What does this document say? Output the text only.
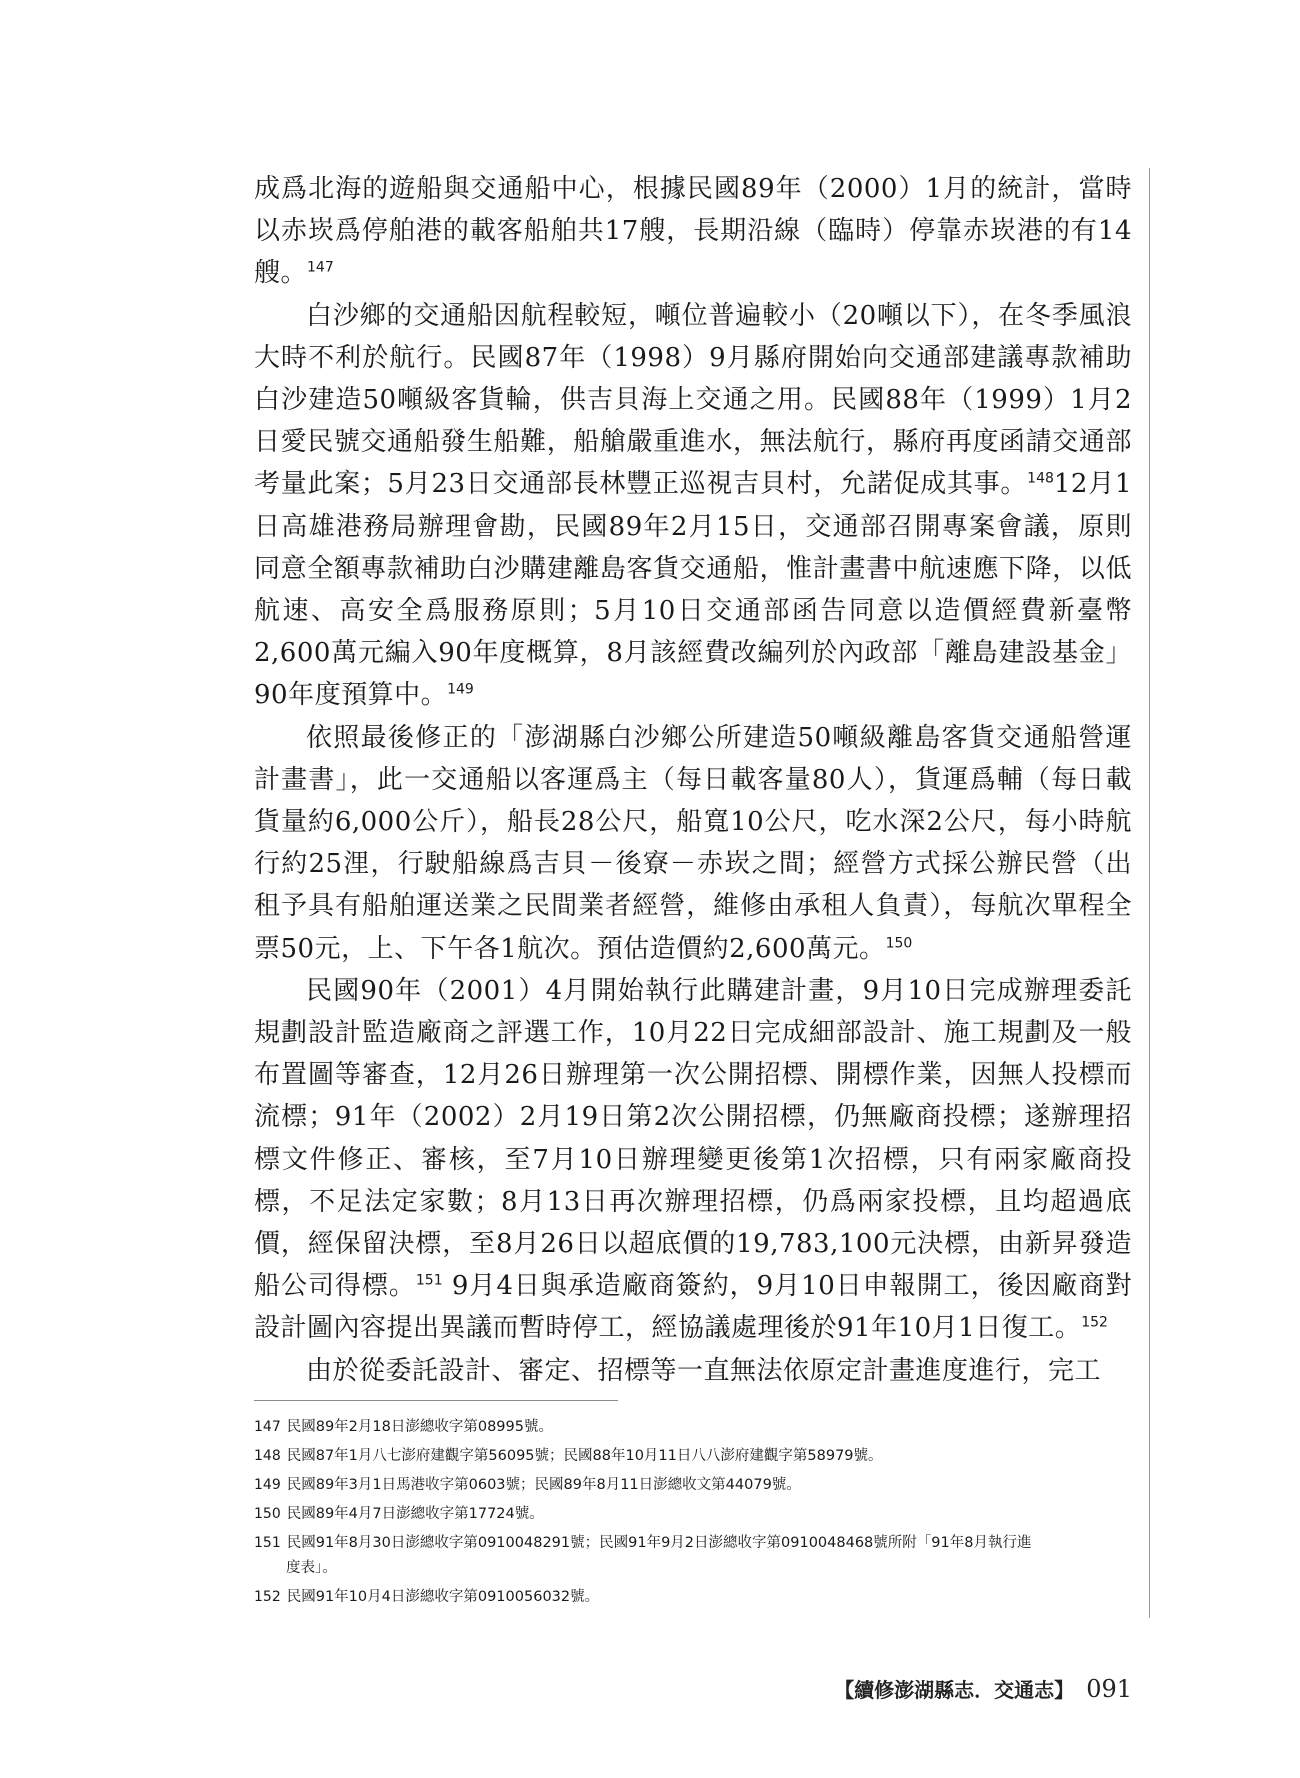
成爲北海的遊船與交通船中心，根據民國89年（2000）1月的統計，當時以赤崁爲停舶港的載客船舶共17艘，長期沿線（臨時）停靠赤崁港的有14艘。$^{147}$

白沙鄉的交通船因航程較短，噸位普遍較小（20噸以下），在冬季風浪大時不利於航行。民國87年（1998）9月縣府開始向交通部建議專款補助白沙建造50噸級客貨輪，供吉貝海上交通之用。民國88年（1999）1月2日愛民號交通船發生船難，船艙嚴重進水，無法航行，縣府再度函請交通部考量此案；5月23日交通部長林豐正巡視吉貝村，允諾促成其事。$^{148}$12月1日高雄港務局辦理會勘，民國89年2月15日，交通部召開專案會議，原則同意全額專款補助白沙購建離島客貨交通船，惟計畫書中航速應下降，以低航速、高安全爲服務原則；5月10日交通部函告同意以造價經費新臺幣2,600萬元編入90年度概算，8月該經費改編列於內政部「離島建設基金」90年度預算中。$^{149}$

依照最後修正的「澎湖縣白沙鄉公所建造50噸級離島客貨交通船營運計畫書」，此一交通船以客運爲主（每日載客量80人），貨運爲輔（每日載貨量約6,000公斤），船長28公尺，船寬10公尺，吃水深2公尺，每小時航行約25浬，行駛船線爲吉貝－後寮－赤崁之間；經營方式採公辦民營（出租予具有船舶運送業之民間業者經營，維修由承租人負責），每航次單程全票50元，上、下午各1航次。預估造價約2,600萬元。$^{150}$

民國90年（2001）4月開始執行此購建計畫，9月10日完成辦理委託規劃設計監造廠商之評選工作，10月22日完成細部設計、施工規劃及一般布置圖等審查，12月26日辦理第一次公開招標、開標作業，因無人投標而流標；91年（2002）2月19日第2次公開招標，仍無廠商投標；遂辦理招標文件修正、審核，至7月10日辦理變更後第1次招標，只有兩家廠商投標，不足法定家數；8月13日再次辦理招標，仍爲兩家投標，且均超過底價，經保留決標，至8月26日以超底價的19,783,100元決標，由新昇發造船公司得標。$^{151}$ 9月4日與承造廠商簽約，9月10日申報開工，後因廠商對設計圖內容提出異議而暫時停工，經協議處理後於91年10月1日復工。$^{152}$

由於從委託設計、審定、招標等一直無法依原定計畫進度進行，完工

147 民國89年2月18日澎總收字第08995號。
148 民國87年1月八七澎府建觀字第56095號；民國88年10月11日八八澎府建觀字第58979號。
149 民國89年3月1日馬港收字第0603號；民國89年8月11日澎總收文第44079號。
150 民國89年4月7日澎總收字第17724號。
151 民國91年8月30日澎總收字第0910048291號；民國91年9月2日澎總收字第0910048468號所附「91年8月執行進
度表」。
152 民國91年10月4日澎總收字第0910056032號。
【續修澎湖縣志．交通志】 091
